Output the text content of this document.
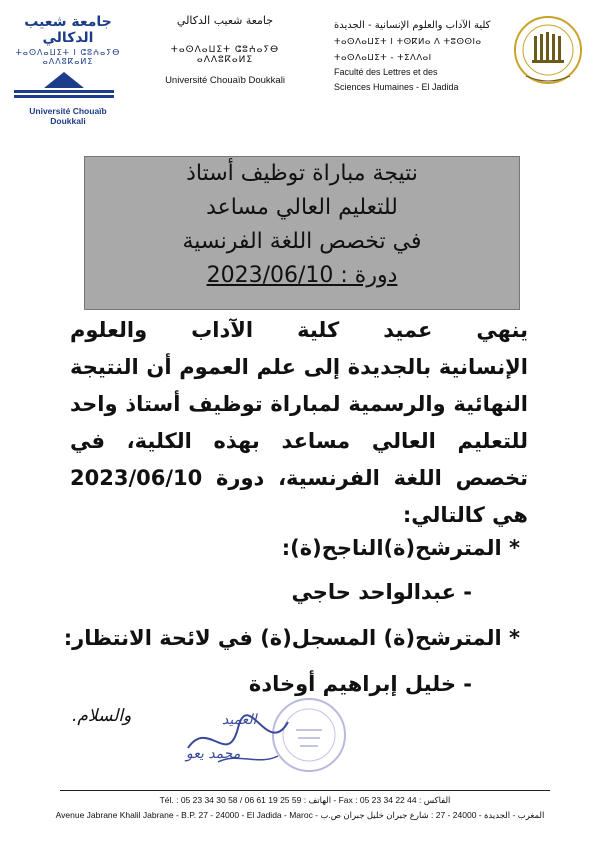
جامعة شعيب الدكالي
ⵜⴰⵙⴷⴰⵡⵉⵜ ⵏ ⵛⵓⵄⴰⵢⴱ ⴰⴷⴷⵓⴽⴰⵍⵉ
Université Chouaïb Doukkali
جامعة شعيب الدكالي
ⵜⴰⵙⴷⴰⵡⵉⵜ ⵛⵓⵄⴰⵢⴱ ⴰⴷⴷⵓⴽⴰⵍⵉ
Université Chouaïb Doukkali
كلية الآداب والعلوم الإنسانية - الجديدة
ⵜⴰⵙⴷⴰⵡⵉⵜ ⵏ ⵜⵙⴽⵍⴰ ⴷ ⵜⵓⵙⵙⵏⴰ
ⵜⴰⵙⴷⴰⵡⵉⵜ - ⵜⵉⴷⴷⴰⵏ
Faculté des Lettres et des
Sciences Humaines - El Jadida
نتيجة مباراة توظيف أستاذ
للتعليم العالي مساعد
في تخصص اللغة الفرنسية
دورة : 2023/06/10
ينهي عميد كلية الآداب والعلوم
الإنسانية بالجديدة إلى علم العموم أن النتيجة
النهائية والرسمية لمباراة توظيف أستاذ واحد
للتعليم العالي مساعد بهذه الكلية، في
تخصص اللغة الفرنسية، دورة 2023/06/10
هي كالتالي:
* المترشح(ة)الناجح(ة):
- عبدالواحد حاجي
* المترشح(ة) المسجل(ة) في لائحة الانتظار:
- خليل إبراهيم أوخادة
والسلام.	العميد
محمد يعو
Tél. : 05 23 34 30 58 / 06 61 19 25 59 : الهاتف - Fax : 05 23 34 22 44 : الفاكس
Avenue Jabrane Khalil Jabrane - B.P. 27 - 24000 - El Jadida - Maroc - المغرب - الجديدة - 24000 - 27 : شارع جبران خليل جبران ص.ب
